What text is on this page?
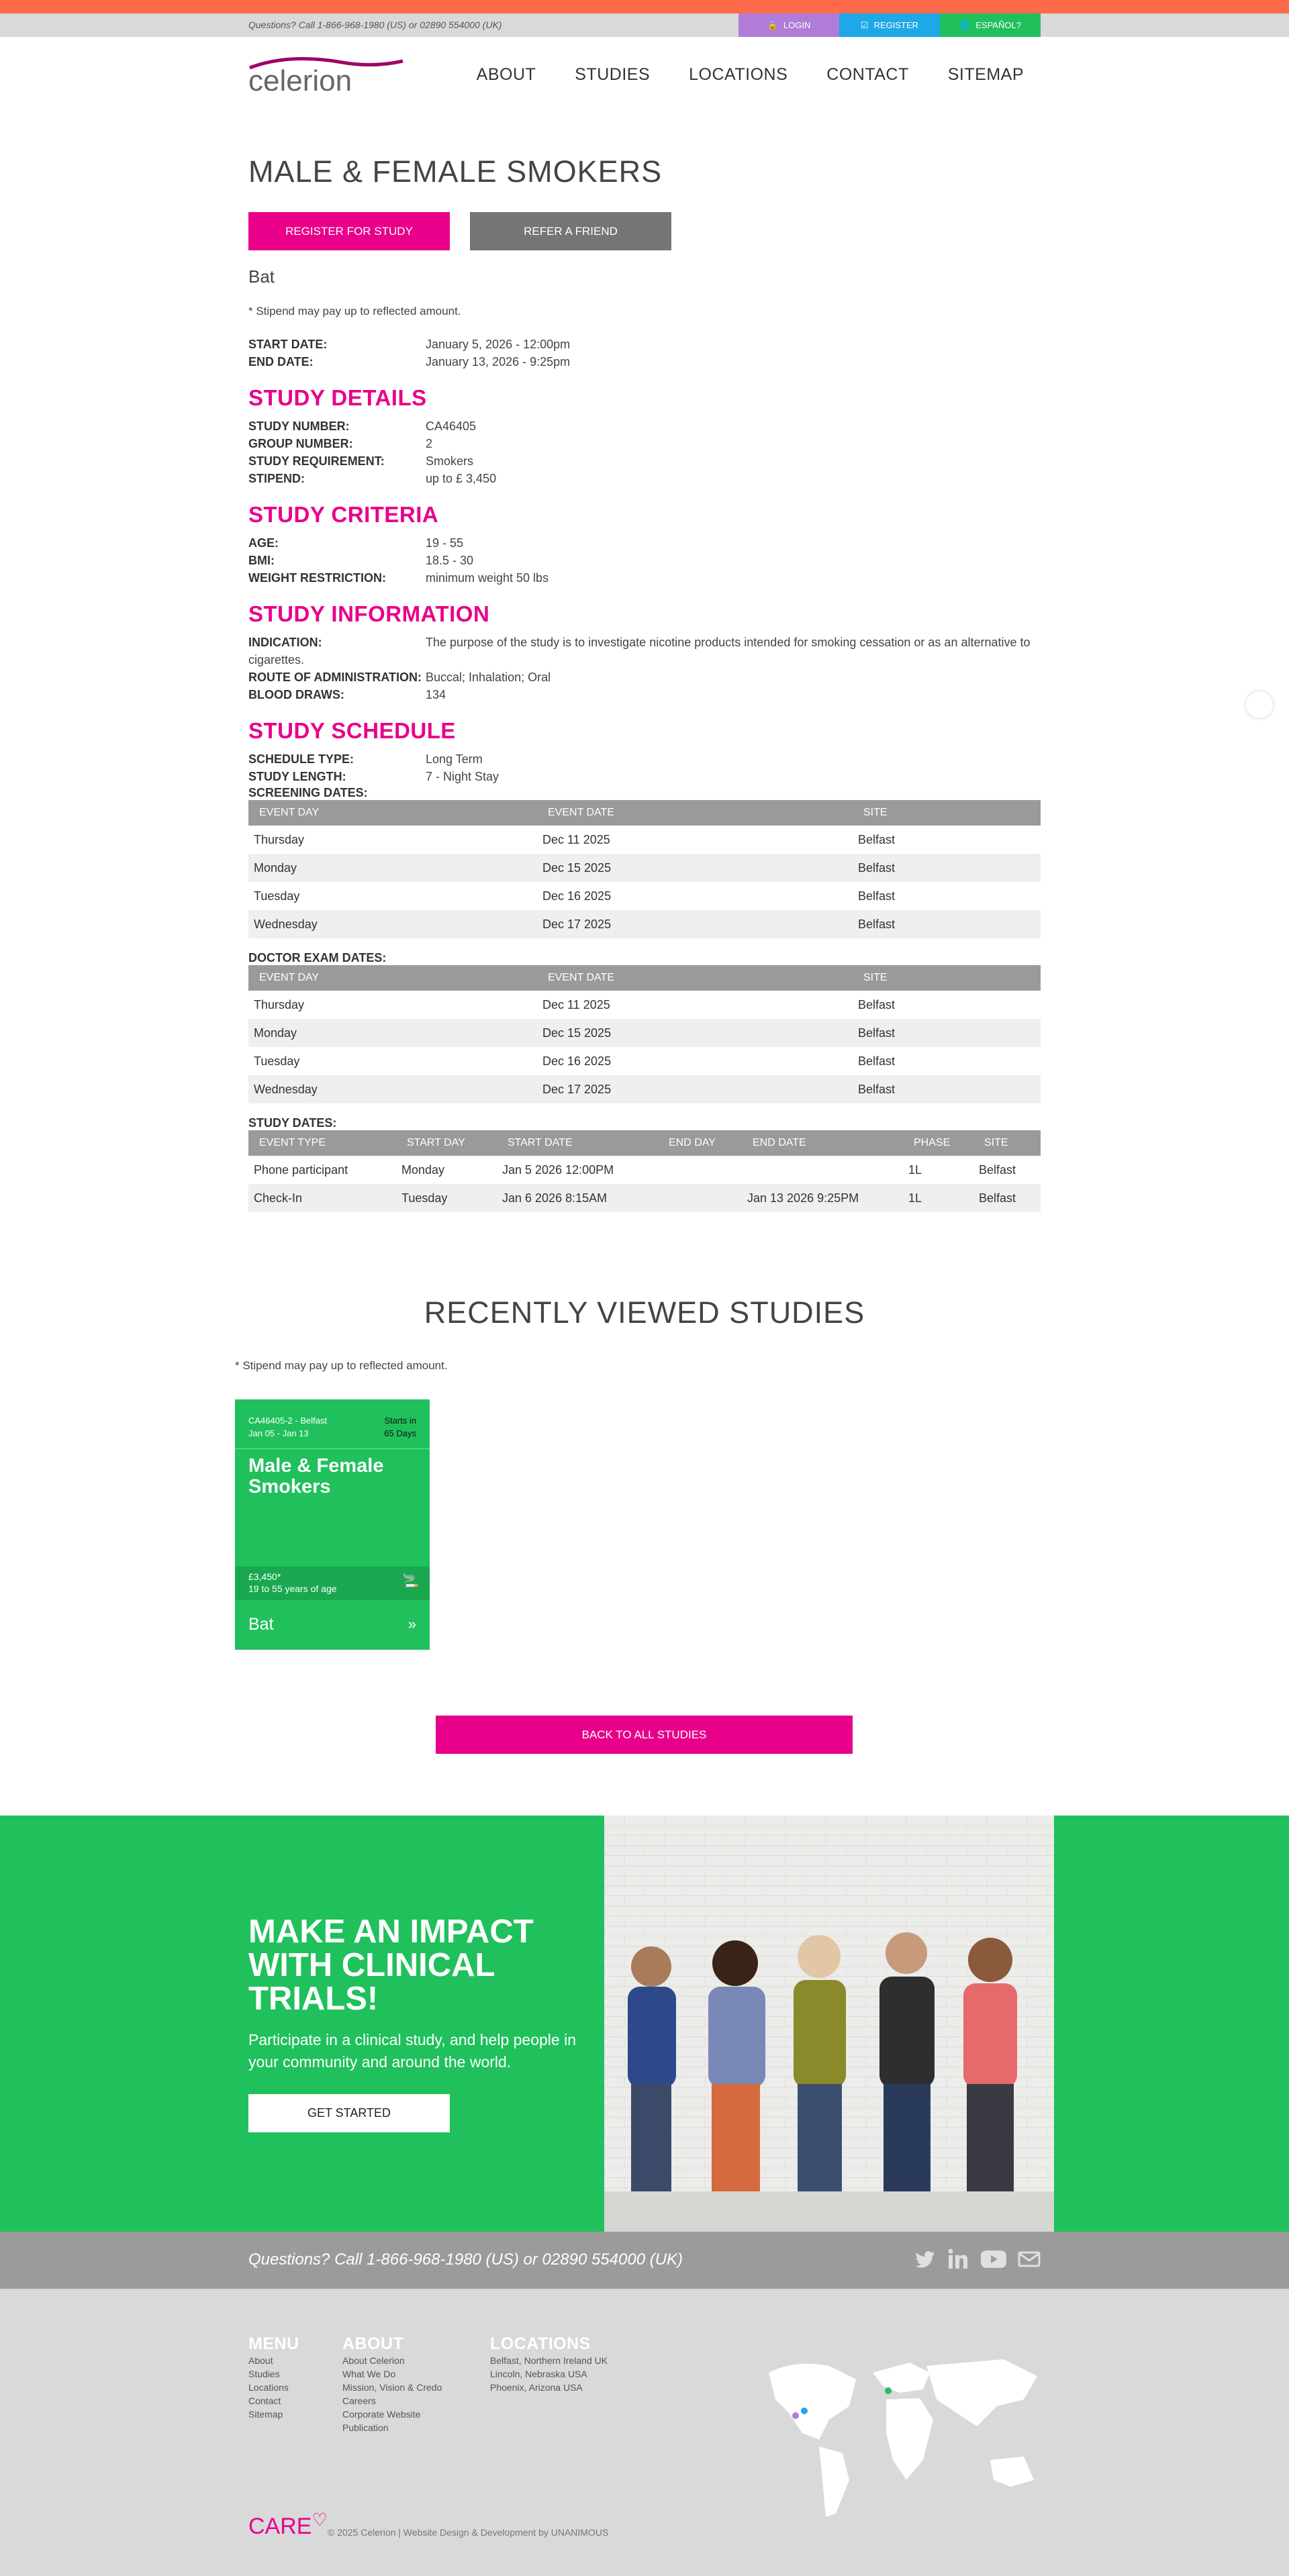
Questions? Call 1-866-968-1980 (US) or 02890 554000 (UK)	🔒 LOGIN	☑ REGISTER	🌐 ESPAÑOL?
celerion	ABOUT STUDIES LOCATIONS CONTACT SITEMAP
MALE & FEMALE SMOKERS
REGISTER FOR STUDY	REFER A FRIEND
Bat
* Stipend may pay up to reflected amount.
START DATE:	January 5, 2026 - 12:00pm
END DATE:	January 13, 2026 - 9:25pm
STUDY DETAILS
STUDY NUMBER:	CA46405
GROUP NUMBER:	2
STUDY REQUIREMENT:	Smokers
STIPEND:	up to £ 3,450
STUDY CRITERIA
AGE:	19 - 55
BMI:	18.5 - 30
WEIGHT RESTRICTION:	minimum weight 50 lbs
STUDY INFORMATION
INDICATION:	The purpose of the study is to investigate nicotine products intended for smoking cessation or as an alternative to cigarettes.
ROUTE OF ADMINISTRATION: Buccal; Inhalation; Oral
BLOOD DRAWS:	134
STUDY SCHEDULE
SCHEDULE TYPE:	Long Term
STUDY LENGTH:	7 - Night Stay
SCREENING DATES:
EVENT DAY	EVENT DATE	SITE
Thursday	Dec 11 2025	Belfast
Monday	Dec 15 2025	Belfast
Tuesday	Dec 16 2025	Belfast
Wednesday	Dec 17 2025	Belfast
DOCTOR EXAM DATES:
EVENT DAY	EVENT DATE	SITE
Thursday	Dec 11 2025	Belfast
Monday	Dec 15 2025	Belfast
Tuesday	Dec 16 2025	Belfast
Wednesday	Dec 17 2025	Belfast
STUDY DATES:
EVENT TYPE	START DAY	START DATE	END DAY	END DATE	PHASE	SITE
Phone participant	Monday	Jan 5 2026 12:00PM			1L	Belfast
Check-In	Tuesday	Jan 6 2026 8:15AM		Jan 13 2026 9:25PM	1L	Belfast
RECENTLY VIEWED STUDIES
* Stipend may pay up to reflected amount.
CA46405-2 - Belfast
Jan 05 - Jan 13
Starts in
65 Days
Male & Female Smokers
£3,450*
19 to 55 years of age
🚬
Bat	»
BACK TO ALL STUDIES
MAKE AN IMPACT WITH CLINICAL TRIALS!

Participate in a clinical study, and help people in your community and around the world.

GET STARTED
Questions? Call 1-866-968-1980 (US) or 02890 554000 (UK)
MENU
About
Studies
Locations
Contact
Sitemap
ABOUT
About Celerion
What We Do
Mission, Vision & Credo
Careers
Corporate Website
Publication
LOCATIONS
Belfast, Northern Ireland UK
Lincoln, Nebraska USA
Phoenix, Arizona USA
CARE♡
© 2025 Celerion | Website Design & Development by UNANIMOUS
